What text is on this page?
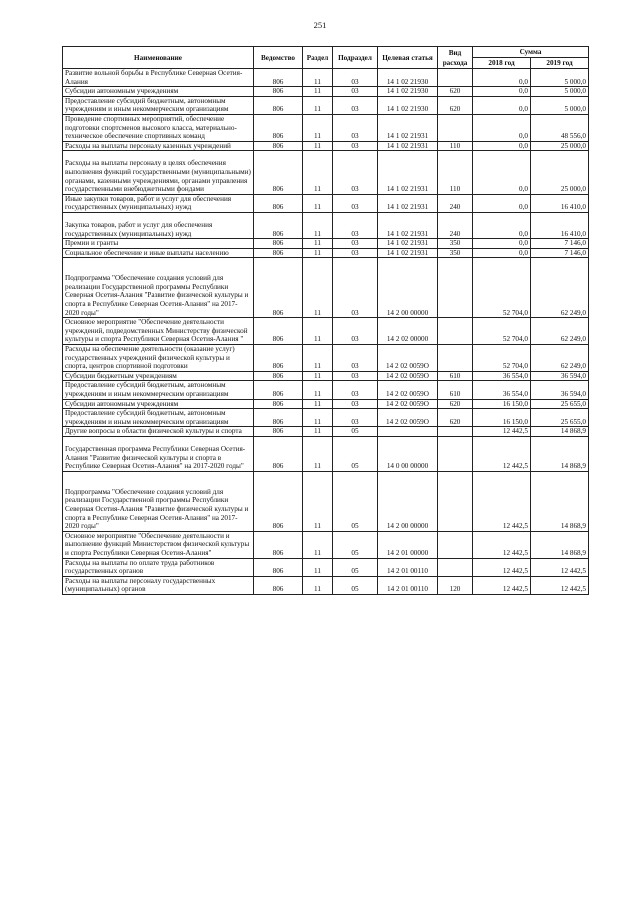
251
Наименование	Ведомство	Раздел	Подраздел	Целевая статья	Вид расхода	Сумма	
						2018 год	2019 год
Развитие вольной борьбы в Республике Северная Осетия-Алания	806	11	03	14 1 02 21930		0,0	5 000,0
Субсидии автономным учреждениям	806	11	03	14 1 02 21930	620	0,0	5 000,0
Предоставление субсидий бюджетным, автономным учреждениям и иным некоммерческим организациям	806	11	03	14 1 02 21930	620	0,0	5 000,0
Проведение спортивных мероприятий, обеспечение подготовки спортсменов высокого класса, материально-техническое обеспечение спортивных команд	806	11	03	14 1 02 21931		0,0	48 556,0
Расходы на выплаты персоналу казенных учреждений	806	11	03	14 1 02 21931	110	0,0	25 000,0
Расходы на выплаты персоналу в целях обеспечения выполнения функций государственными (муниципальными) органами, казенными учреждениями, органами управления государственными внебюджетными фондами	806	11	03	14 1 02 21931	110	0,0	25 000,0
Иные закупки товаров, работ и услуг для обеспечения государственных (муниципальных) нужд	806	11	03	14 1 02 21931	240	0,0	16 410,0
Закупка товаров, работ и услуг для обеспечения государственных (муниципальных) нужд	806	11	03	14 1 02 21931	240	0,0	16 410,0
Премии и гранты	806	11	03	14 1 02 21931	350	0,0	7 146,0
Социальное обеспечение и иные выплаты населению	806	11	03	14 1 02 21931	350	0,0	7 146,0
Подпрограмма "Обеспечение создания условий для реализации Государственной программы Республики Северная Осетия-Алания "Развитие физической культуры и спорта в Республике Северная Осетия-Алания" на 2017-2020 годы"	806	11	03	14 2 00 00000		52 704,0	62 249,0
Основное мероприятие "Обеспечение деятельности учреждений, подведомственных Министерству физической культуры и спорта Республики Северная Осетия-Алания "	806	11	03	14 2 02 00000		52 704,0	62 249,0
Расходы на обеспечение деятельности (оказание услуг) государственных учреждений физической культуры и спорта, центров спортивной подготовки	806	11	03	14 2 02 0059О		52 704,0	62 249,0
Субсидии бюджетным учреждениям	806	11	03	14 2 02 0059О	610	36 554,0	36 594,0
Предоставление субсидий бюджетным, автономным учреждениям и иным некоммерческим организациям	806	11	03	14 2 02 0059О	610	36 554,0	36 594,0
Субсидии автономным учреждениям	806	11	03	14 2 02 0059О	620	16 150,0	25 655,0
Предоставление субсидий бюджетным, автономным учреждениям и иным некоммерческим организациям	806	11	03	14 2 02 0059О	620	16 150,0	25 655,0
Другие вопросы в области физической культуры и спорта	806	11	05			12 442,5	14 868,9
Государственная программа Республики Северная Осетия-Алания "Развитие физической культуры и спорта в Республике Северная Осетия-Алания" на 2017-2020 годы"	806	11	05	14 0 00 00000		12 442,5	14 868,9
Подпрограмма "Обеспечение создания условий для реализации Государственной программы Республики Северная Осетия-Алания "Развитие физической культуры и спорта в Республике Северная Осетия-Алания" на 2017-2020 годы"	806	11	05	14 2 00 00000		12 442,5	14 868,9
Основное мероприятие "Обеспечение деятельности и выполнение функций Министерством физической культуры и спорта Республики Северная Осетия-Алания"	806	11	05	14 2 01 00000		12 442,5	14 868,9
Расходы на выплаты по оплате труда работников государственных органов	806	11	05	14 2 01 00110		12 442,5	12 442,5
Расходы на выплаты персоналу государственных (муниципальных) органов	806	11	05	14 2 01 00110	120	12 442,5	12 442,5
